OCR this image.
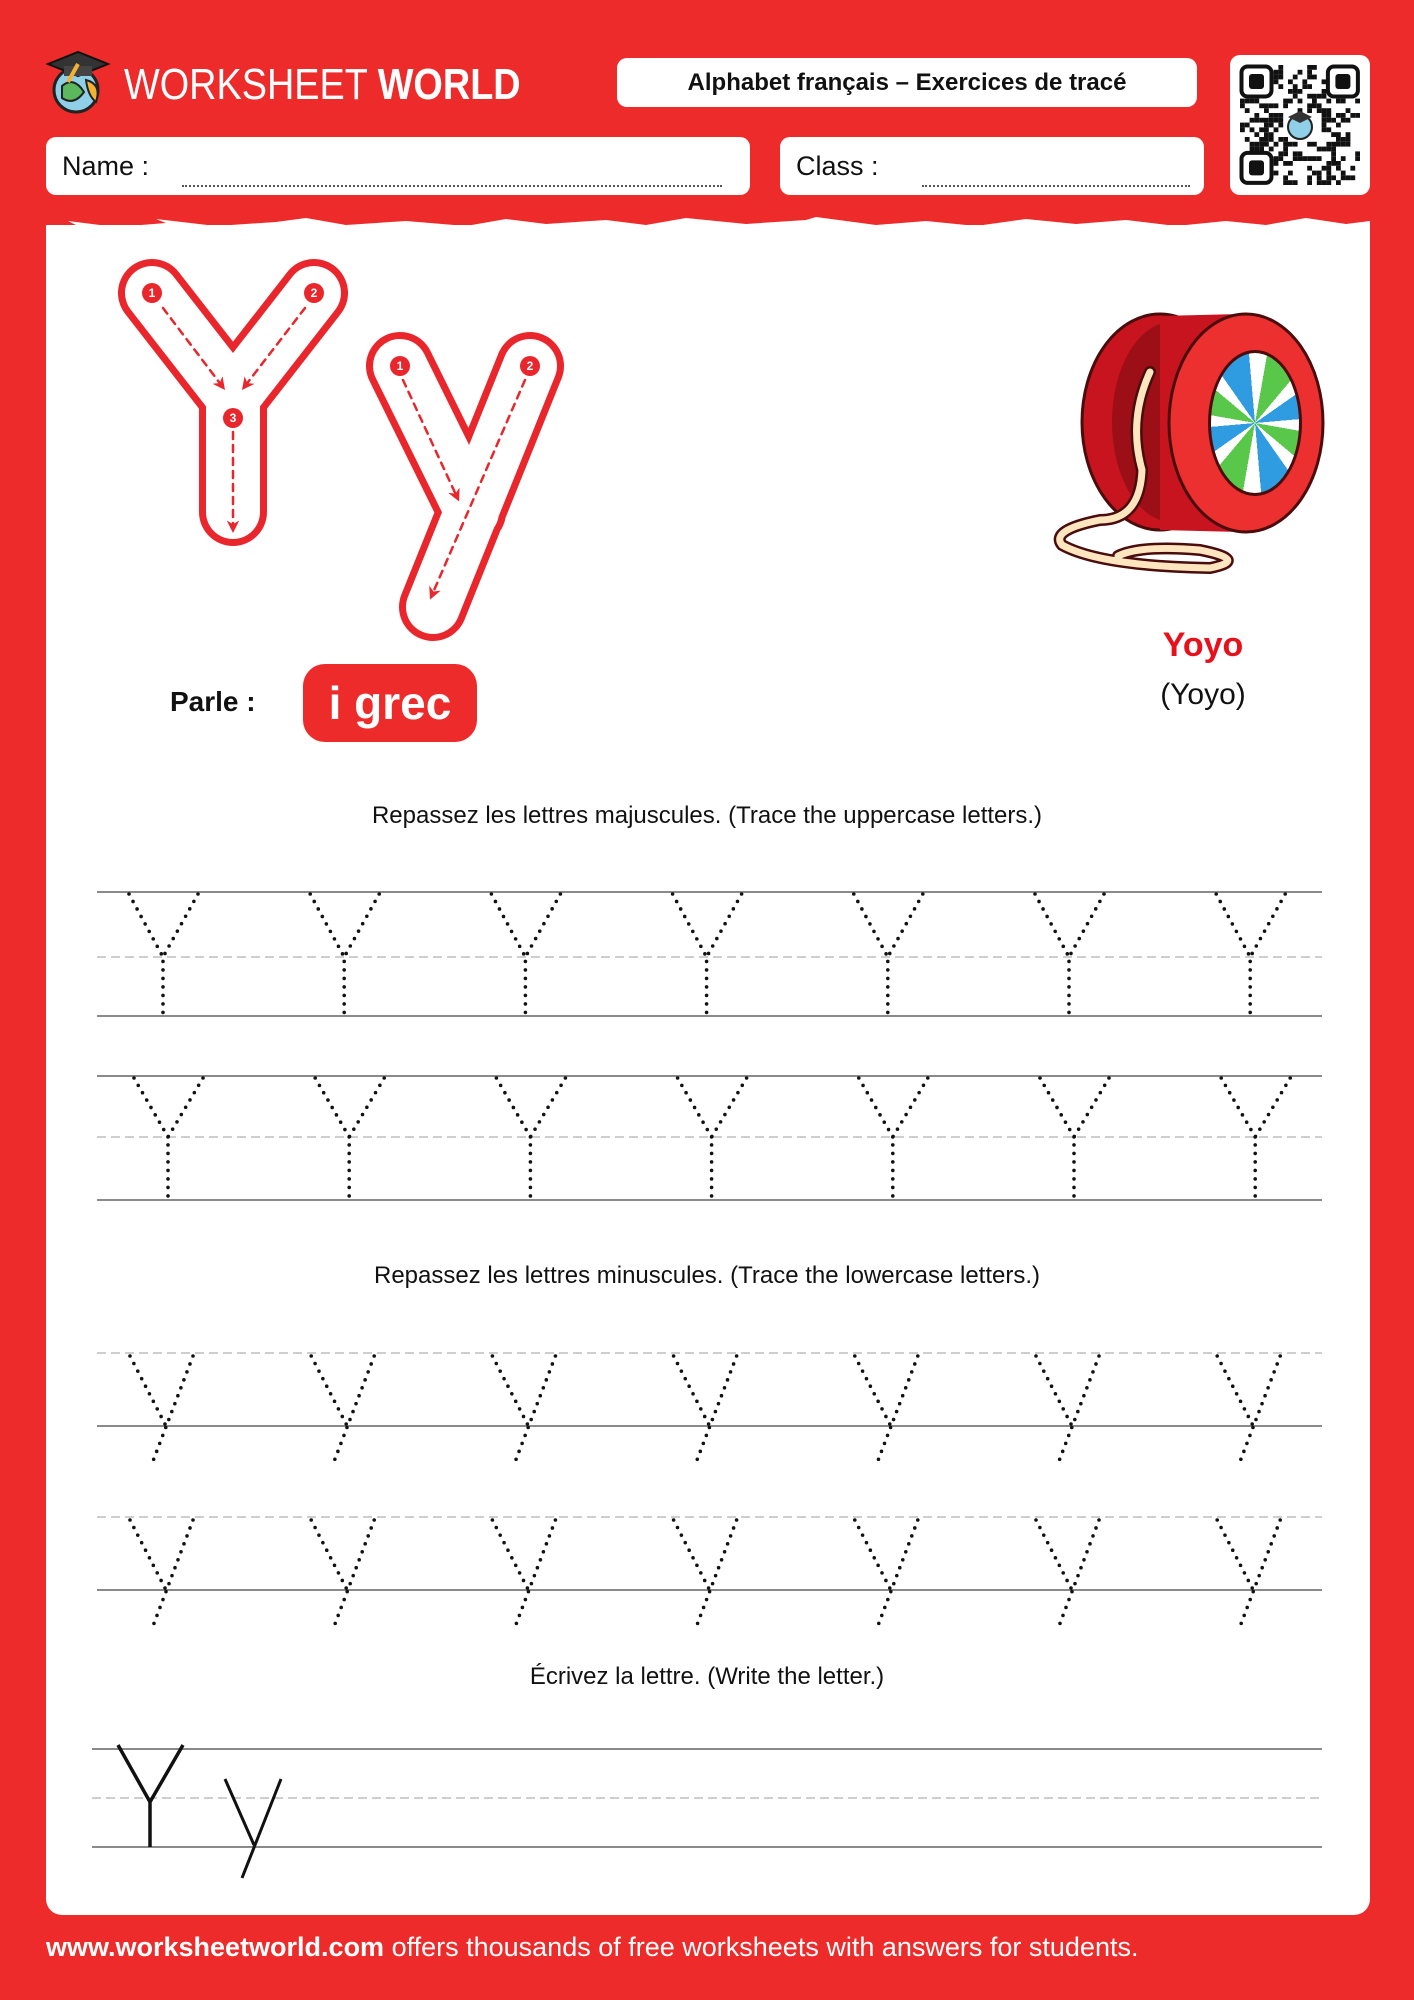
WORKSHEET WORLD	Alphabet français – Exercices de tracé
Name :	Class :
1	2
3
1	2
Parle : i grec
Yoyo
(Yoyo)
Repassez les lettres majuscules. (Trace the uppercase letters.)
Repassez les lettres minuscules. (Trace the lowercase letters.)
Écrivez la lettre. (Write the letter.)
www.worksheetworld.com offers thousands of free worksheets with answers for students.
